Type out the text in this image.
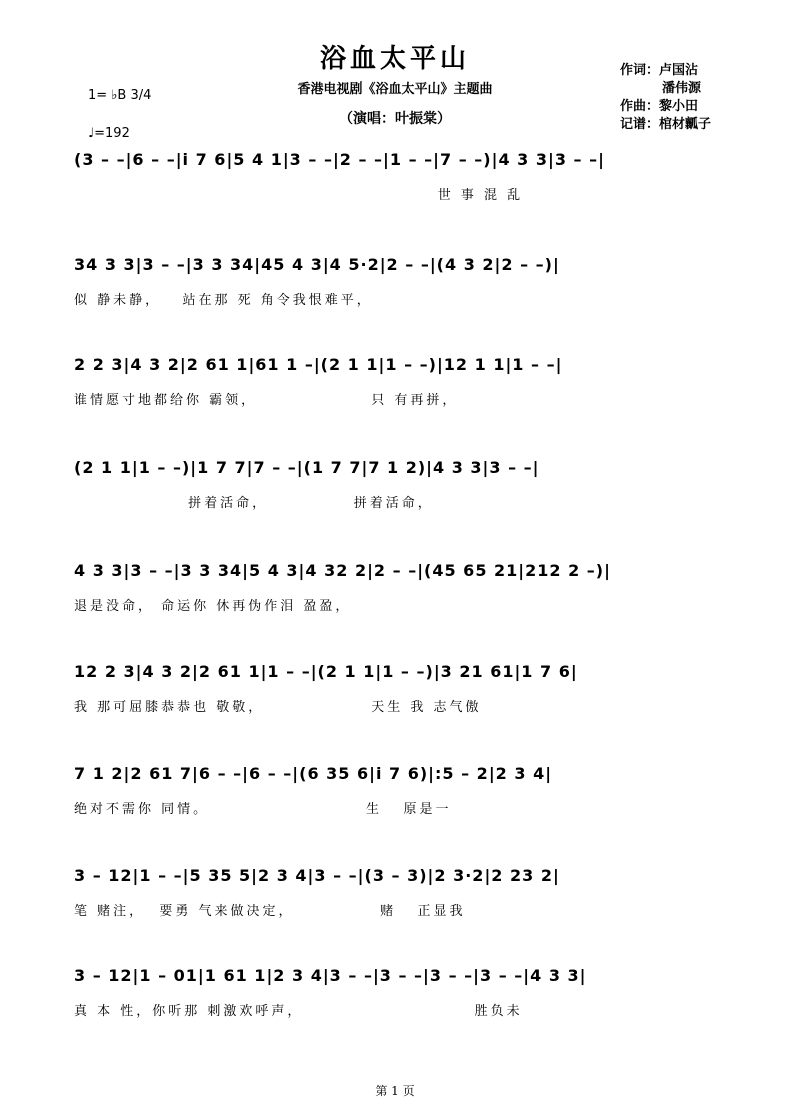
浴血太平山
香港电视剧《浴血太平山》主题曲
（演唱：叶振棠）
作词：卢国沾
潘伟源
作曲：黎小田
记谱：棺材瓤子
1= ♭B 3/4
♩=192
(3 – –|6 – –|i 7 6|5 4 1|3 – –|2 – –|1 – –|7 – –)|4 3 3|3 – –|
世 事 混 乱
34 3 3|3 – –|3 3 34|45 4 3|4 5·2|2 – –|(4 3 2|2 – –)|
似 静未静，   站在那 死 角令我恨难平，
2 2 3|4 3 2|2 61 1|61 1 –|(2 1 1|1 – –)|12 1 1|1 – –|
谁情愿寸地都给你 霸领，                只 有再拼，
(2 1 1|1 – –)|1 7 7|7 – –|(1 7 7|7 1 2)|4 3 3|3 – –|
拼着活命，            拼着活命，
4 3 3|3 – –|3 3 34|5 4 3|4 32 2|2 – –|(45 65 21|212 2 –)|
退是没命， 命运你 休再伪作泪 盈盈，
12 2 3|4 3 2|2 61 1|1 – –|(2 1 1|1 – –)|3 21 61|1 7 6|
我 那可屈膝恭恭也 敬敬，               天生 我 志气傲
7 1 2|2 61 7|6 – –|6 – –|(6 35 6|i 7 6)|:5 – 2|2 3 4|
绝对不需你 同情。                      生   原是一
3 – 12|1 – –|5 35 5|2 3 4|3 – –|(3 – 3)|2 3·2|2 23 2|
笔 赌注，  要勇 气来做决定，            赌   正显我
3 – 12|1 – 01|1 61 1|2 3 4|3 – –|3 – –|3 – –|3 – –|4 3 3|
真 本 性，你听那 刺激欢呼声，                        胜负未
第 1 页
